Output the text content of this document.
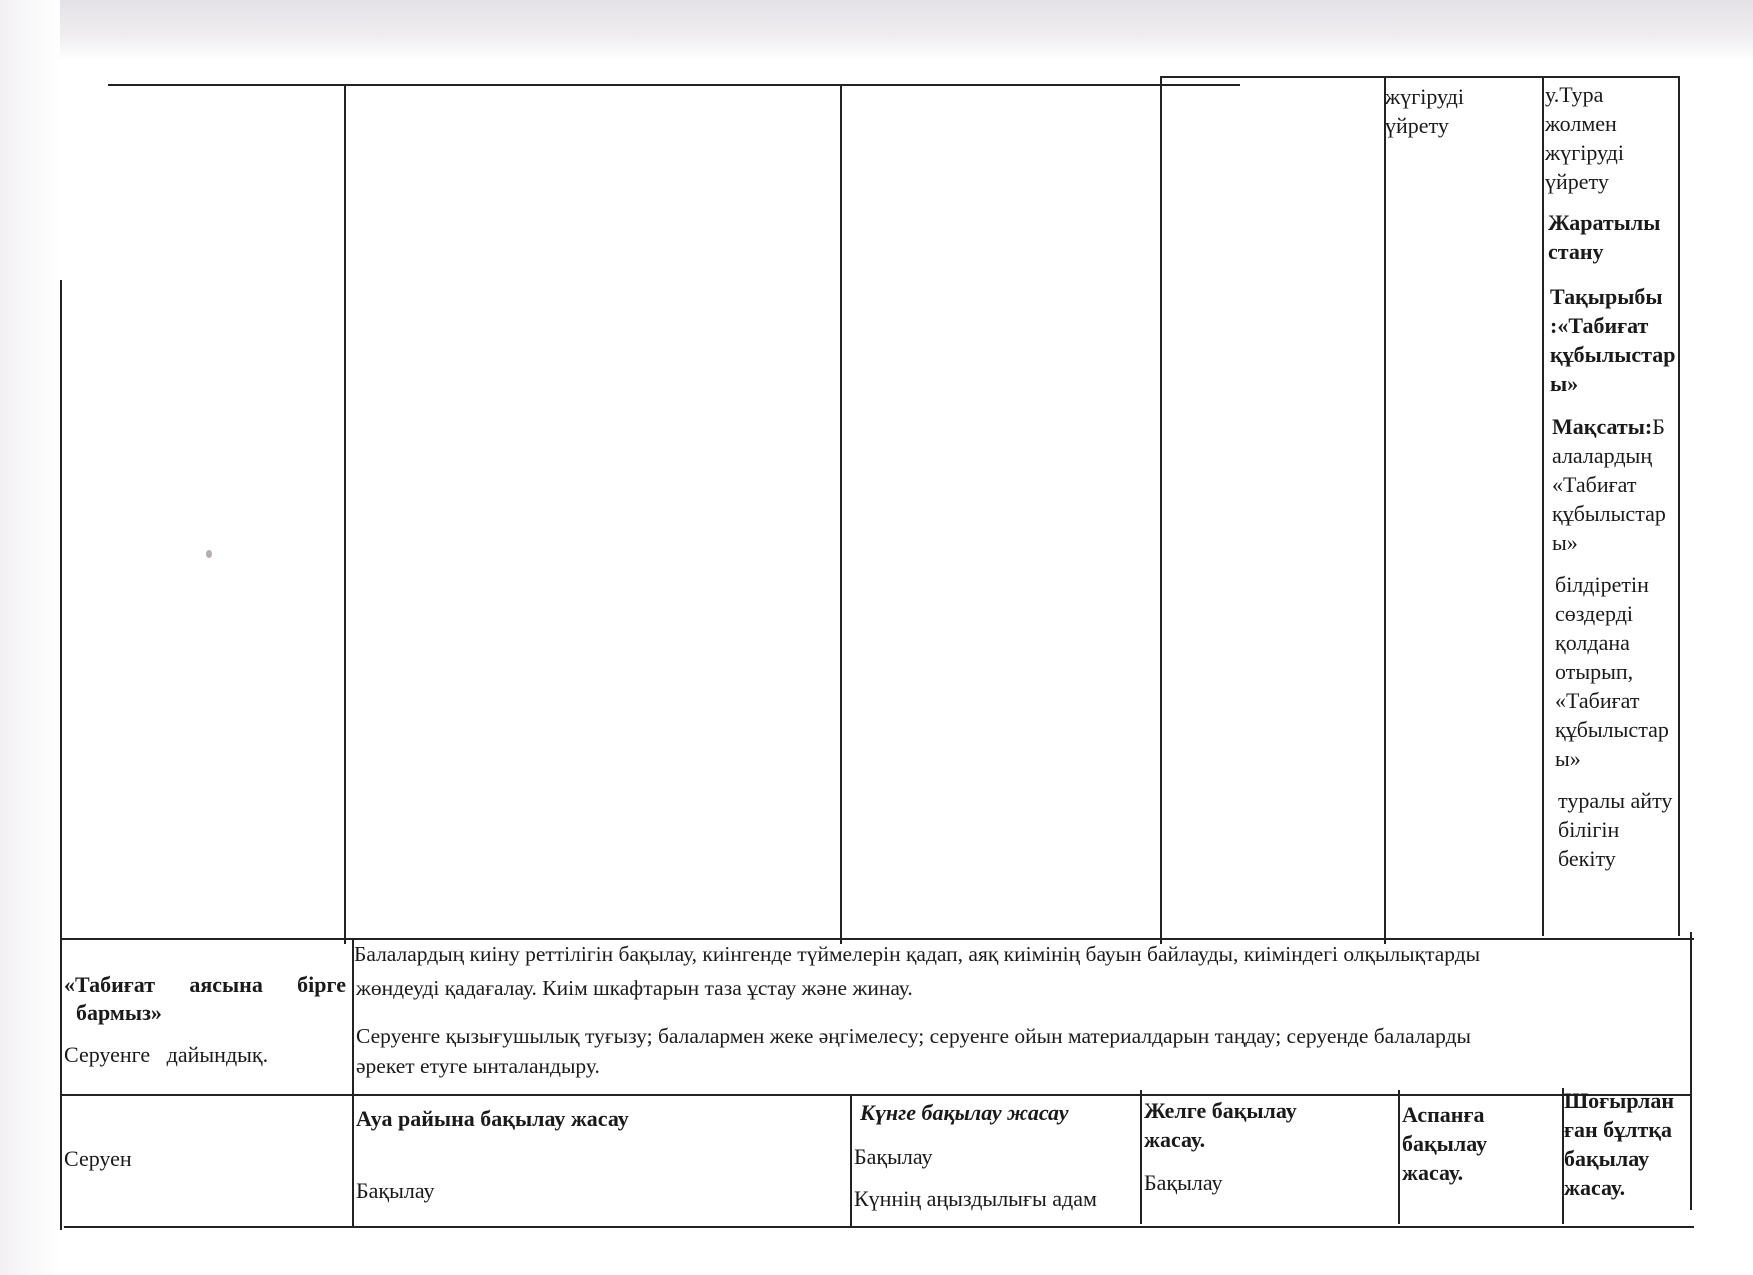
жүгіруді
үйрету
у.Тура
жолмен
жүгіруді
үйрету
Жаратылы
стану
Тақырыбы
:«Табиғат
құбылыстар
ы»
Мақсаты:Б
алалардың
«Табиғат
құбылыстар
ы»
білдіретін
сөздерді
қолдана
отырып,
«Табиғат
құбылыстар
ы»
туралы айту
білігін
бекіту
«Табиғат   аясына   бірге
бармыз»
Серуенге   дайындық.
Балалардың киіну реттілігін бақылау, киінгенде түймелерін қадап, аяқ киімінің бауын байлауды, киіміндегі олқылықтарды
жөндеуді қадағалау. Киім шкафтарын таза ұстау және жинау.
Серуенге қызығушылық туғызу; балалармен жеке әңгімелесу; серуенге ойын материалдарын таңдау; серуенде балаларды
әрекет етуге ынталандыру.
Серуен
Ауа райына бақылау жасау
Бақылау
Күнге бақылау жасау
Бақылау
Күннің аңыздылығы адам
Желге бақылау
жасау.
Бақылау
Аспанға
бақылау
жасау.
Шоғырлан
ған бұлтқа
бақылау
жасау.
